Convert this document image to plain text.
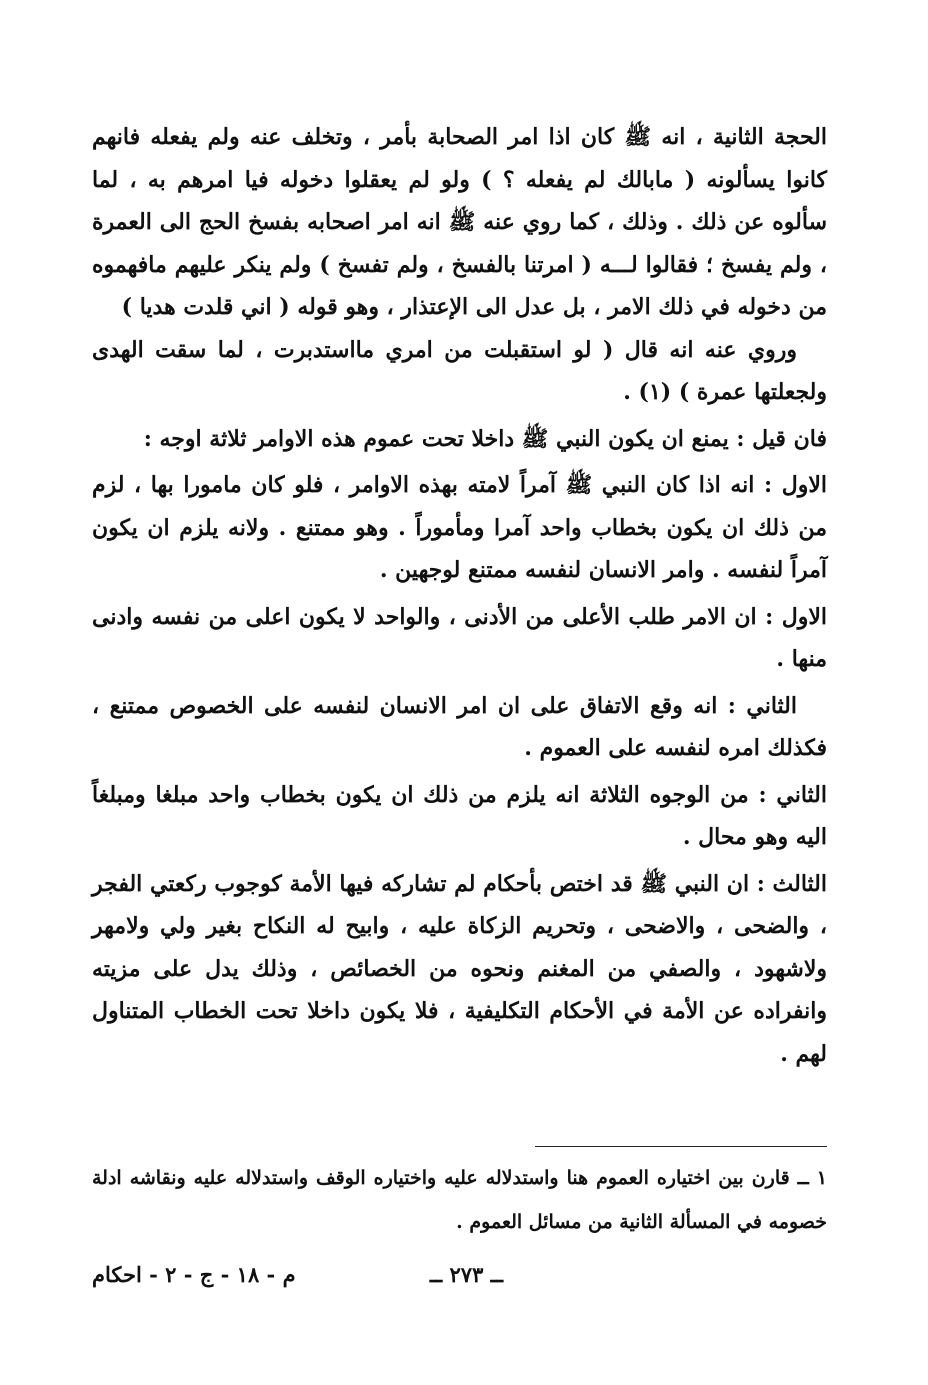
الحجة الثانية ، انه ﷺ كان اذا امر الصحابة بأمر ، وتخلف عنه ولم يفعله فانهم كانوا يسألونه ( مابالك لم يفعله ؟ ) ولو لم يعقلوا دخوله فيا امرهم به ، لما سألوه عن ذلك . وذلك ، كما روي عنه ﷺ انه امر اصحابه بفسخ الحج الى العمرة ، ولم يفسخ ؛ فقالوا لـــه ( امرتنا بالفسخ ، ولم تفسخ ) ولم ينكر عليهم مافهموه من دخوله في ذلك الامر ، بل عدل الى الإعتذار ، وهو قوله ( اني قلدت هديا )

وروي عنه انه قال ( لو استقبلت من امري مااستدبرت ، لما سقت الهدى ولجعلتها عمرة ) (١) .

فان قيل : يمنع ان يكون النبي ﷺ داخلا تحت عموم هذه الاوامر ثلاثة اوجه :

الاول : انه اذا كان النبي ﷺ آمراً لامته بهذه الاوامر ، فلو كان مامورا بها ، لزم من ذلك ان يكون بخطاب واحد آمرا ومأموراً . وهو ممتنع . ولانه يلزم ان يكون آمراً لنفسه . وامر الانسان لنفسه ممتنع لوجهين .

الاول : ان الامر طلب الأعلى من الأدنى ، والواحد لا يكون اعلى من نفسه وادنى منها .

الثاني : انه وقع الاتفاق على ان امر الانسان لنفسه على الخصوص ممتنع ، فكذلك امره لنفسه على العموم .

الثاني : من الوجوه الثلاثة انه يلزم من ذلك ان يكون بخطاب واحد مبلغا ومبلغاً اليه وهو محال .

الثالث : ان النبي ﷺ قد اختص بأحكام لم تشاركه فيها الأمة كوجوب ركعتي الفجر ، والضحى ، والاضحى ، وتحريم الزكاة عليه ، وابيح له النكاح بغير ولي ولامهر ولاشهود ، والصفي من المغنم ونحوه من الخصائص ، وذلك يدل على مزيته وانفراده عن الأمة في الأحكام التكليفية ، فلا يكون داخلا تحت الخطاب المتناول لهم .

١ ــ قارن بين اختياره العموم هنا واستدلاله عليه واختياره الوقف واستدلاله عليه ونقاشه ادلة خصومه في المسألة الثانية من مسائل العموم .

ــ ٢٧٣ ــ
م - ١٨ - ج - ٢ - احكام
